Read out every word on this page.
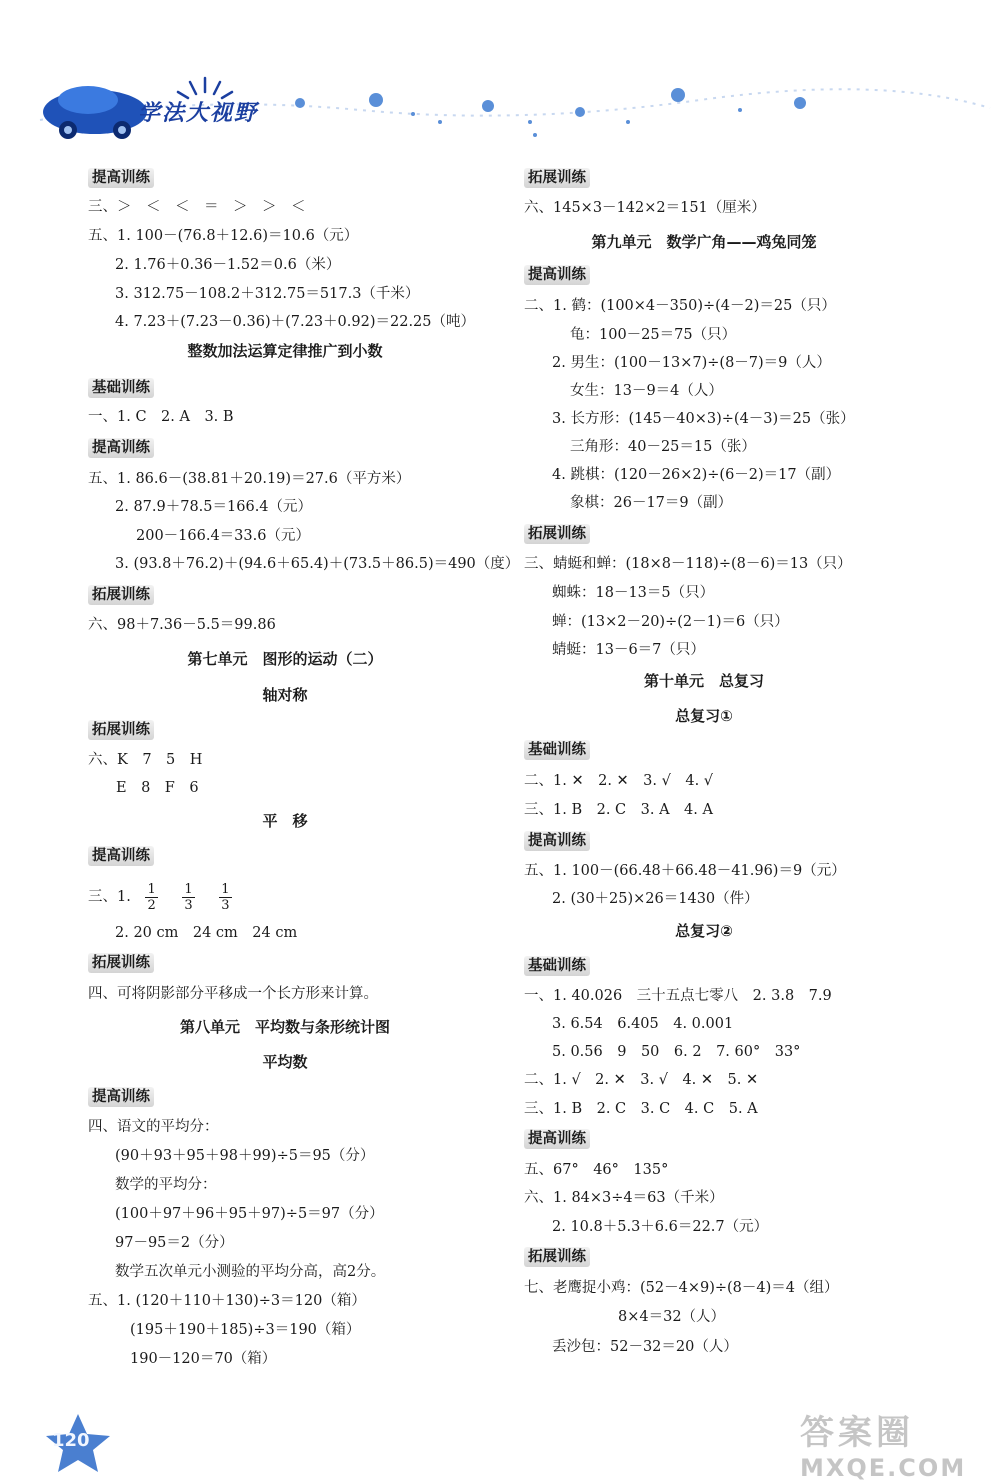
学法大视野
提高训练
三、＞　＜　＜　＝　＞　＞　＜
五、1. 100－(76.8＋12.6)＝10.6（元）
2. 1.76＋0.36－1.52＝0.6（米）
3. 312.75－108.2＋312.75＝517.3（千米）
4. 7.23＋(7.23－0.36)＋(7.23＋0.92)＝22.25（吨）
整数加法运算定律推广到小数
基础训练
一、1. C　2. A　3. B
提高训练
五、1. 86.6－(38.81＋20.19)＝27.6（平方米）
2. 87.9＋78.5＝166.4（元）
200－166.4＝33.6（元）
3. (93.8＋76.2)＋(94.6＋65.4)＋(73.5＋86.5)＝490（度）
拓展训练
六、98＋7.36－5.5＝99.86
第七单元　图形的运动（二）
轴对称
拓展训练
六、K　7　5　H
E　8　F　6
平　移
提高训练
三、1. $\frac{1}{2}$
$\frac{1}{3}$
$\frac{1}{3}$
2. 20 cm　24 cm　24 cm
拓展训练
四、可将阴影部分平移成一个长方形来计算。
第八单元　平均数与条形统计图
平均数
提高训练
四、语文的平均分：
(90＋93＋95＋98＋99)÷5＝95（分）
数学的平均分：
(100＋97＋96＋95＋97)÷5＝97（分）
97－95＝2（分）
数学五次单元小测验的平均分高，高2分。
五、1. (120＋110＋130)÷3＝120（箱）
(195＋190＋185)÷3＝190（箱）
190－120＝70（箱）
拓展训练
六、145×3－142×2＝151（厘米）
第九单元　数学广角——鸡兔同笼
提高训练
二、1. 鹤：(100×4－350)÷(4－2)＝25（只）
龟：100－25＝75（只）
2. 男生：(100－13×7)÷(8－7)＝9（人）
女生：13－9＝4（人）
3. 长方形：(145－40×3)÷(4－3)＝25（张）
三角形：40－25＝15（张）
4. 跳棋：(120－26×2)÷(6－2)＝17（副）
象棋：26－17＝9（副）
拓展训练
三、蜻蜓和蝉：(18×8－118)÷(8－6)＝13（只）
蜘蛛：18－13＝5（只）
蝉：(13×2－20)÷(2－1)＝6（只）
蜻蜓：13－6＝7（只）
第十单元　总复习
总复习①
基础训练
二、1. ✕　2. ✕　3. √　4. √
三、1. B　2. C　3. A　4. A
提高训练
五、1. 100－(66.48＋66.48－41.96)＝9（元）
2. (30＋25)×26＝1430（件）
总复习②
基础训练
一、1. 40.026　三十五点七零八　2. 3.8　7.9
3. 6.54　6.405　4. 0.001
5. 0.56　9　50　6. 2　7. 60°　33°
二、1. √　2. ✕　3. √　4. ✕　5. ✕
三、1. B　2. C　3. C　4. C　5. A
提高训练
五、67°　46°　135°
六、1. 84×3÷4＝63（千米）
2. 10.8＋5.3＋6.6＝22.7（元）
拓展训练
七、老鹰捉小鸡：(52－4×9)÷(8－4)＝4（组）
8×4＝32（人）
丢沙包：52－32＝20（人）
120	答案圈
MXQE.COM
